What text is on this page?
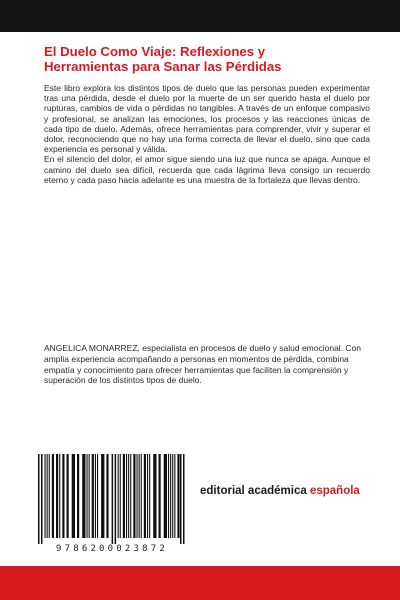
El Duelo Como Viaje: Reflexiones y
Herramientas para Sanar las Pérdidas

Este libro explora los distintos tipos de duelo que las personas pueden experimentar tras una pérdida, desde el duelo por la muerte de un ser querido hasta el duelo por rupturas, cambios de vida o pérdidas no tangibles. A través de un enfoque compasivo y profesional, se analizan las emociones, los procesos y las reacciones únicas de cada tipo de duelo. Además, ofrece herramientas para comprender, vivir y superar el dolor, reconociendo que no hay una forma correcta de llevar el duelo, sino que cada experiencia es personal y válida.

En el silencio del dolor, el amor sigue siendo una luz que nunca se apaga. Aunque el camino del duelo sea difícil, recuerda que cada lágrima lleva consigo un recuerdo eterno y cada paso hacia adelante es una muestra de la fortaleza que llevas dentro.

ANGELICA MONARREZ, especialista en procesos de duelo y salud emocional. Con amplia experiencia acompañando a personas en momentos de pérdida, combina empatía y conocimiento para ofrecer herramientas que faciliten la comprensión y superación de los distintos tipos de duelo.
9786200023872
editorial académica española
